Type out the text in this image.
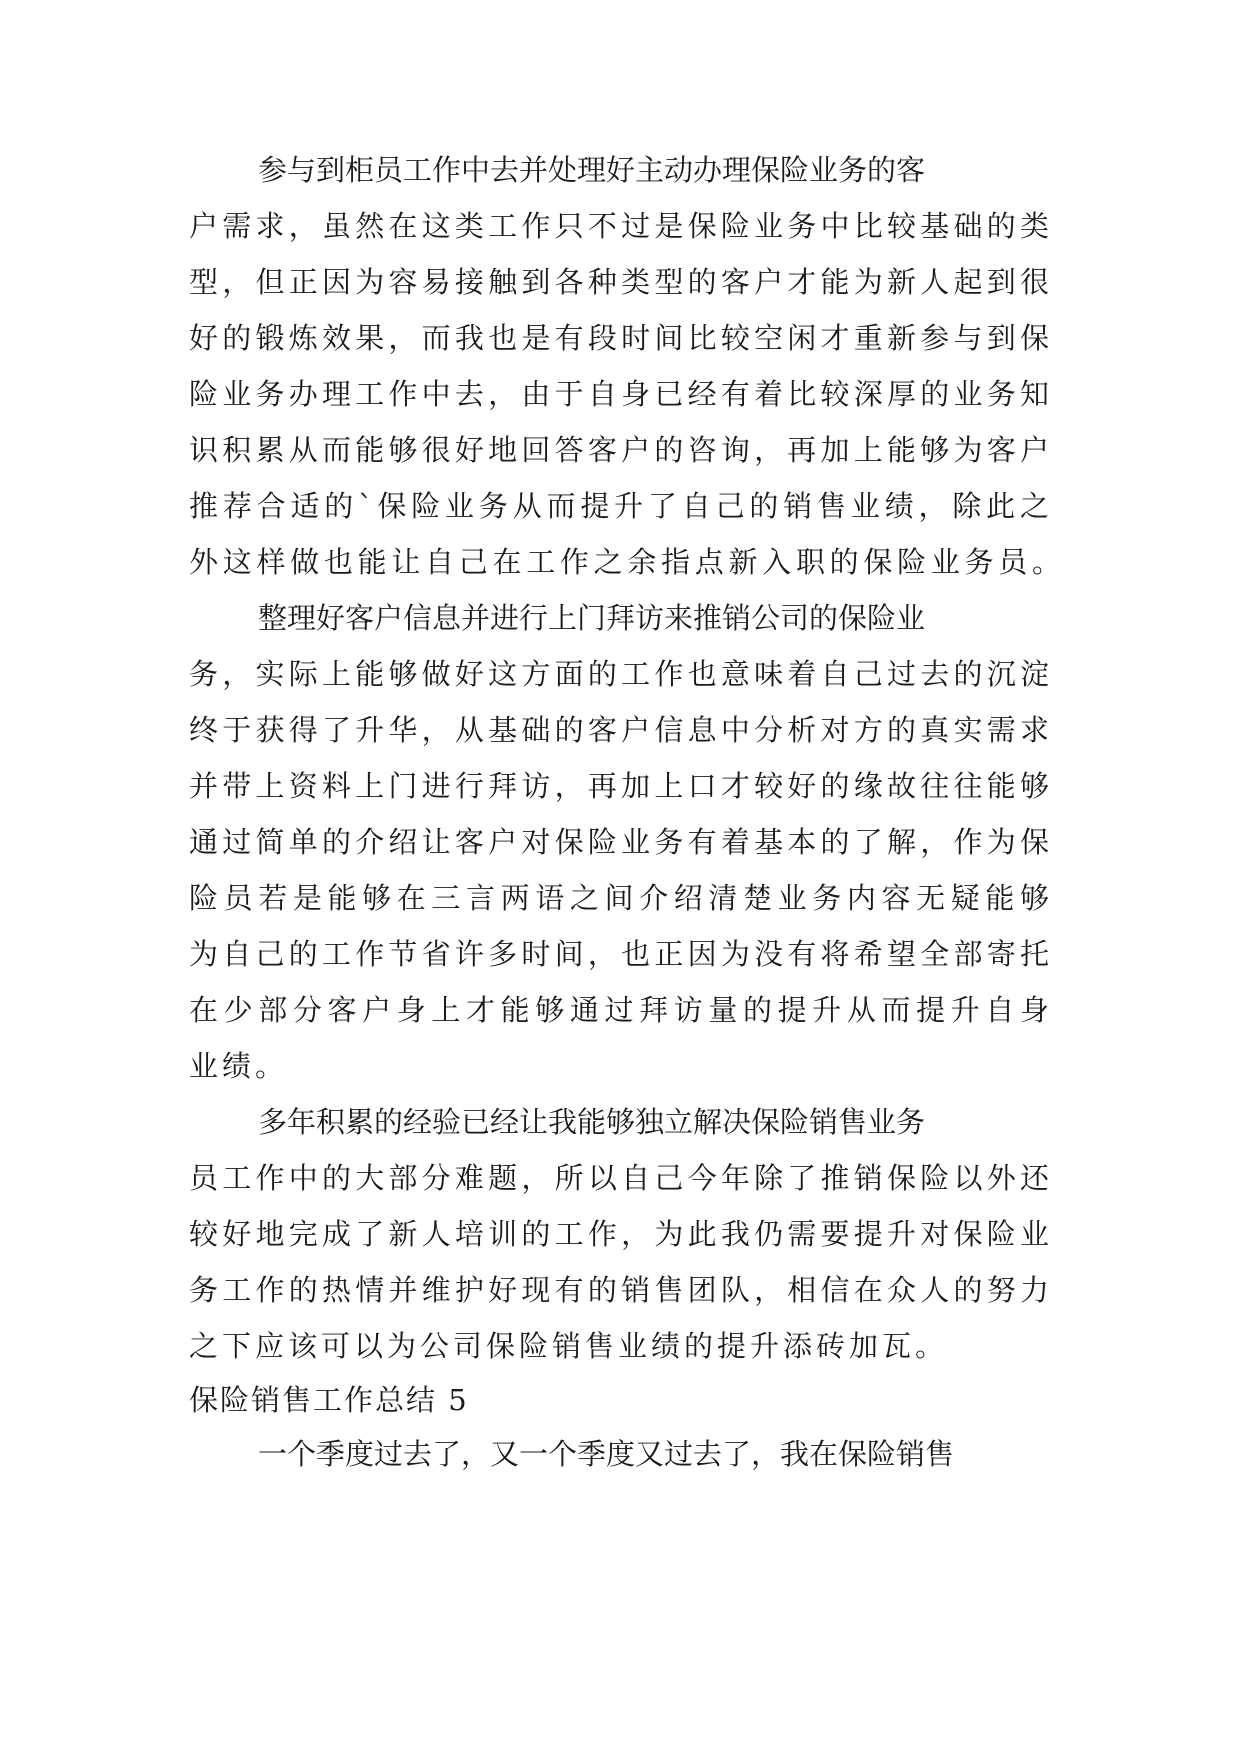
参与到柜员工作中去并处理好主动办理保险业务的客
户需求，虽然在这类工作只不过是保险业务中比较基础的类
型，但正因为容易接触到各种类型的客户才能为新人起到很
好的锻炼效果，而我也是有段时间比较空闲才重新参与到保
险业务办理工作中去，由于自身已经有着比较深厚的业务知
识积累从而能够很好地回答客户的咨询，再加上能够为客户
推荐合适的`保险业务从而提升了自己的销售业绩，除此之
外这样做也能让自己在工作之余指点新入职的保险业务员。
整理好客户信息并进行上门拜访来推销公司的保险业
务，实际上能够做好这方面的工作也意味着自己过去的沉淀
终于获得了升华，从基础的客户信息中分析对方的真实需求
并带上资料上门进行拜访，再加上口才较好的缘故往往能够
通过简单的介绍让客户对保险业务有着基本的了解，作为保
险员若是能够在三言两语之间介绍清楚业务内容无疑能够
为自己的工作节省许多时间，也正因为没有将希望全部寄托
在少部分客户身上才能够通过拜访量的提升从而提升自身
业绩。
多年积累的经验已经让我能够独立解决保险销售业务
员工作中的大部分难题，所以自己今年除了推销保险以外还
较好地完成了新人培训的工作，为此我仍需要提升对保险业
务工作的热情并维护好现有的销售团队，相信在众人的努力
之下应该可以为公司保险销售业绩的提升添砖加瓦。
保险销售工作总结 5
一个季度过去了，又一个季度又过去了，我在保险销售
